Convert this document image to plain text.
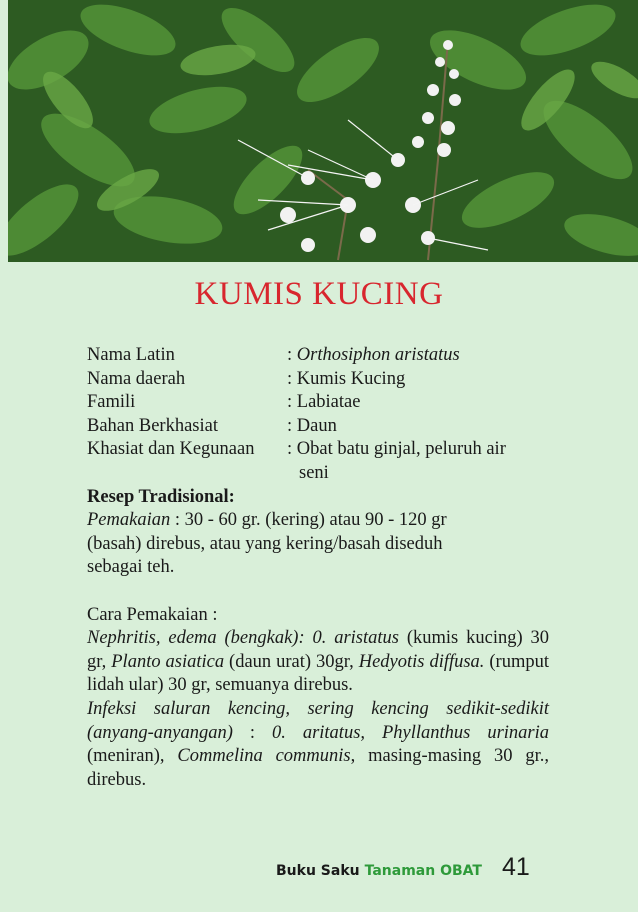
KUMIS KUCING
Nama Latin	: Orthosiphon aristatus
Nama daerah	: Kumis Kucing
Famili	: Labiatae
Bahan Berkhasiat	: Daun
Khasiat dan Kegunaan	: Obat batu ginjal, peluruh air
seni
Resep Tradisional:
Pemakaian : 30 - 60 gr. (kering) atau 90 - 120 gr
(basah) direbus, atau yang kering/basah diseduh
sebagai teh.
Cara Pemakaian :
Nephritis, edema (bengkak): 0. aristatus (kumis kucing) 30 gr, Planto asiatica (daun urat) 30gr, Hedyotis diffusa. (rumput lidah ular) 30 gr, semuanya direbus.
Infeksi saluran kencing, sering kencing sedikit-sedikit (anyang-anyangan) : 0. aritatus, Phyllanthus urinaria (meniran), Commelina communis, masing-masing 30 gr., direbus.
Buku Saku Tanaman OBAT 41
